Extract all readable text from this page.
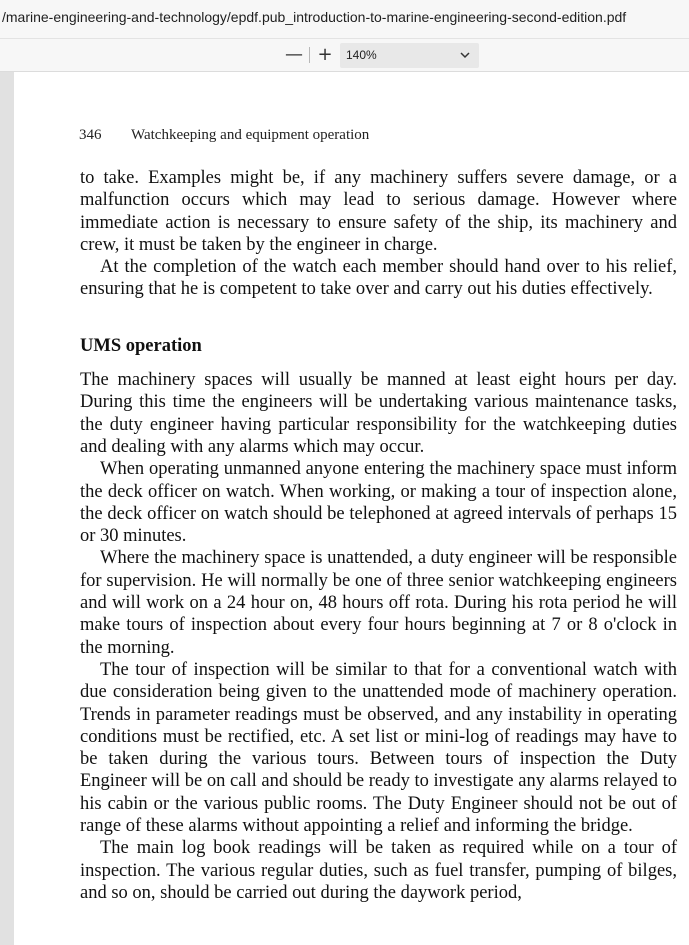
/marine-engineering-and-technology/epdf.pub_introduction-to-marine-engineering-second-edition.pdf
— + 140%
346 Watchkeeping and equipment operation

to take. Examples might be, if any machinery suffers severe damage, or a malfunction occurs which may lead to serious damage. However where immediate action is necessary to ensure safety of the ship, its machinery and crew, it must be taken by the engineer in charge.

At the completion of the watch each member should hand over to his relief, ensuring that he is competent to take over and carry out his duties effectively.

UMS operation

The machinery spaces will usually be manned at least eight hours per day. During this time the engineers will be undertaking various maintenance tasks, the duty engineer having particular responsibility for the watchkeeping duties and dealing with any alarms which may occur.

When operating unmanned anyone entering the machinery space must inform the deck officer on watch. When working, or making a tour of inspection alone, the deck officer on watch should be telephoned at agreed intervals of perhaps 15 or 30 minutes.

Where the machinery space is unattended, a duty engineer will be responsible for supervision. He will normally be one of three senior watchkeeping engineers and will work on a 24 hour on, 48 hours off rota. During his rota period he will make tours of inspection about every four hours beginning at 7 or 8 o'clock in the morning.

The tour of inspection will be similar to that for a conventional watch with due consideration being given to the unattended mode of machinery operation. Trends in parameter readings must be observed, and any instability in operating conditions must be rectified, etc. A set list or mini-log of readings may have to be taken during the various tours. Between tours of inspection the Duty Engineer will be on call and should be ready to investigate any alarms relayed to his cabin or the various public rooms. The Duty Engineer should not be out of range of these alarms without appointing a relief and informing the bridge.

The main log book readings will be taken as required while on a tour of inspection. The various regular duties, such as fuel transfer, pumping of bilges, and so on, should be carried out during the daywork period,
